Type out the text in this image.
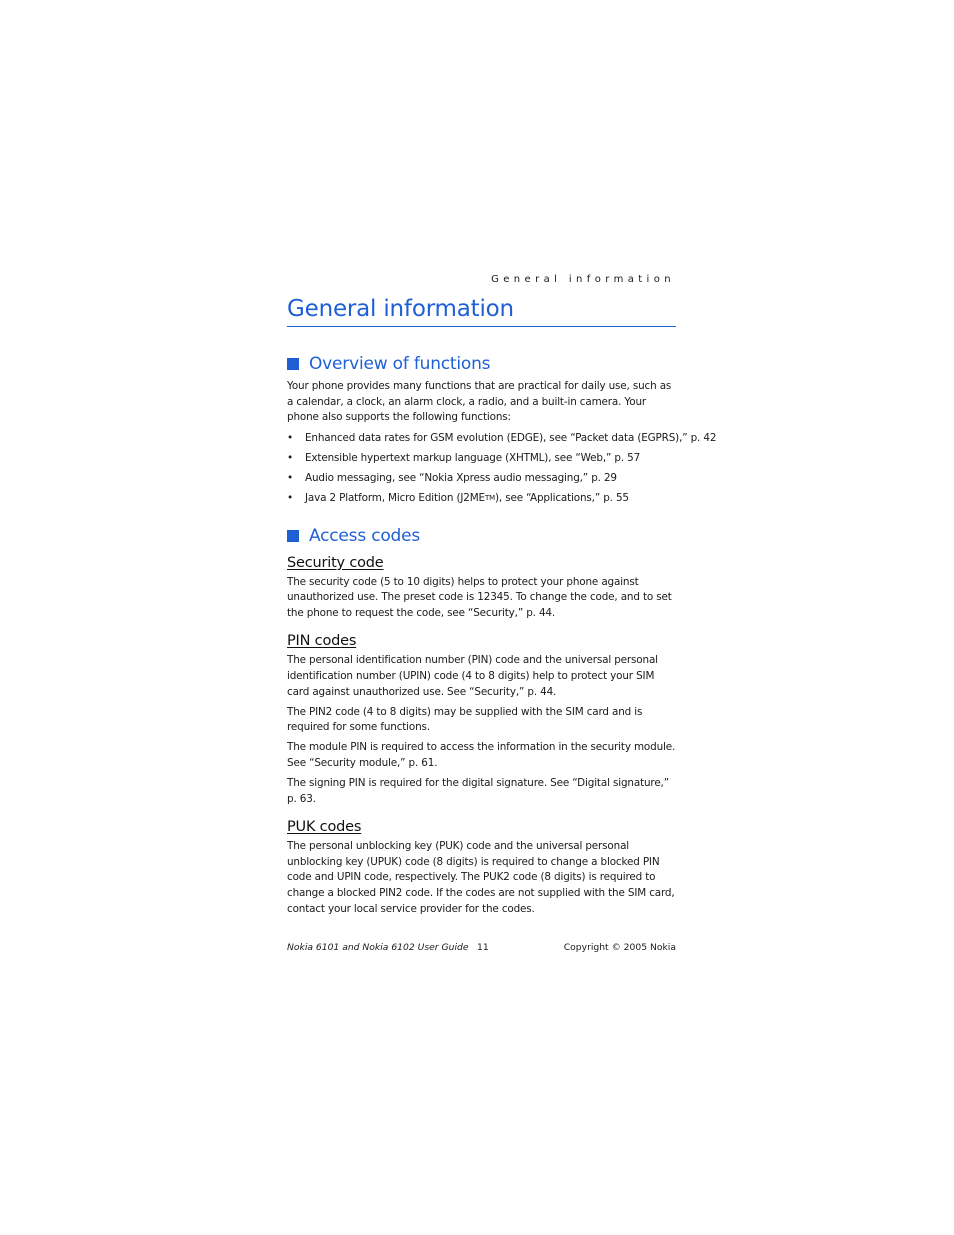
General information
General information
Overview of functions

Your phone provides many functions that are practical for daily use, such as a calendar, a clock, an alarm clock, a radio, and a built-in camera. Your phone also supports the following functions:

• Enhanced data rates for GSM evolution (EDGE), see “Packet data (EGPRS),” p. 42
• Extensible hypertext markup language (XHTML), see “Web,” p. 57
• Audio messaging, see “Nokia Xpress audio messaging,” p. 29
• Java 2 Platform, Micro Edition (J2METM), see “Applications,” p. 55
Access codes
Security code

The security code (5 to 10 digits) helps to protect your phone against unauthorized use. The preset code is 12345. To change the code, and to set the phone to request the code, see “Security,” p. 44.

PIN codes

The personal identification number (PIN) code and the universal personal identification number (UPIN) code (4 to 8 digits) help to protect your SIM card against unauthorized use. See “Security,” p. 44.

The PIN2 code (4 to 8 digits) may be supplied with the SIM card and is required for some functions.

The module PIN is required to access the information in the security module. See “Security module,” p. 61.

The signing PIN is required for the digital signature. See “Digital signature,” p. 63.

PUK codes

The personal unblocking key (PUK) code and the universal personal unblocking key (UPUK) code (8 digits) is required to change a blocked PIN code and UPIN code, respectively. The PUK2 code (8 digits) is required to change a blocked PIN2 code. If the codes are not supplied with the SIM card, contact your local service provider for the codes.

Nokia 6101 and Nokia 6102 User Guide 11	Copyright © 2005 Nokia
